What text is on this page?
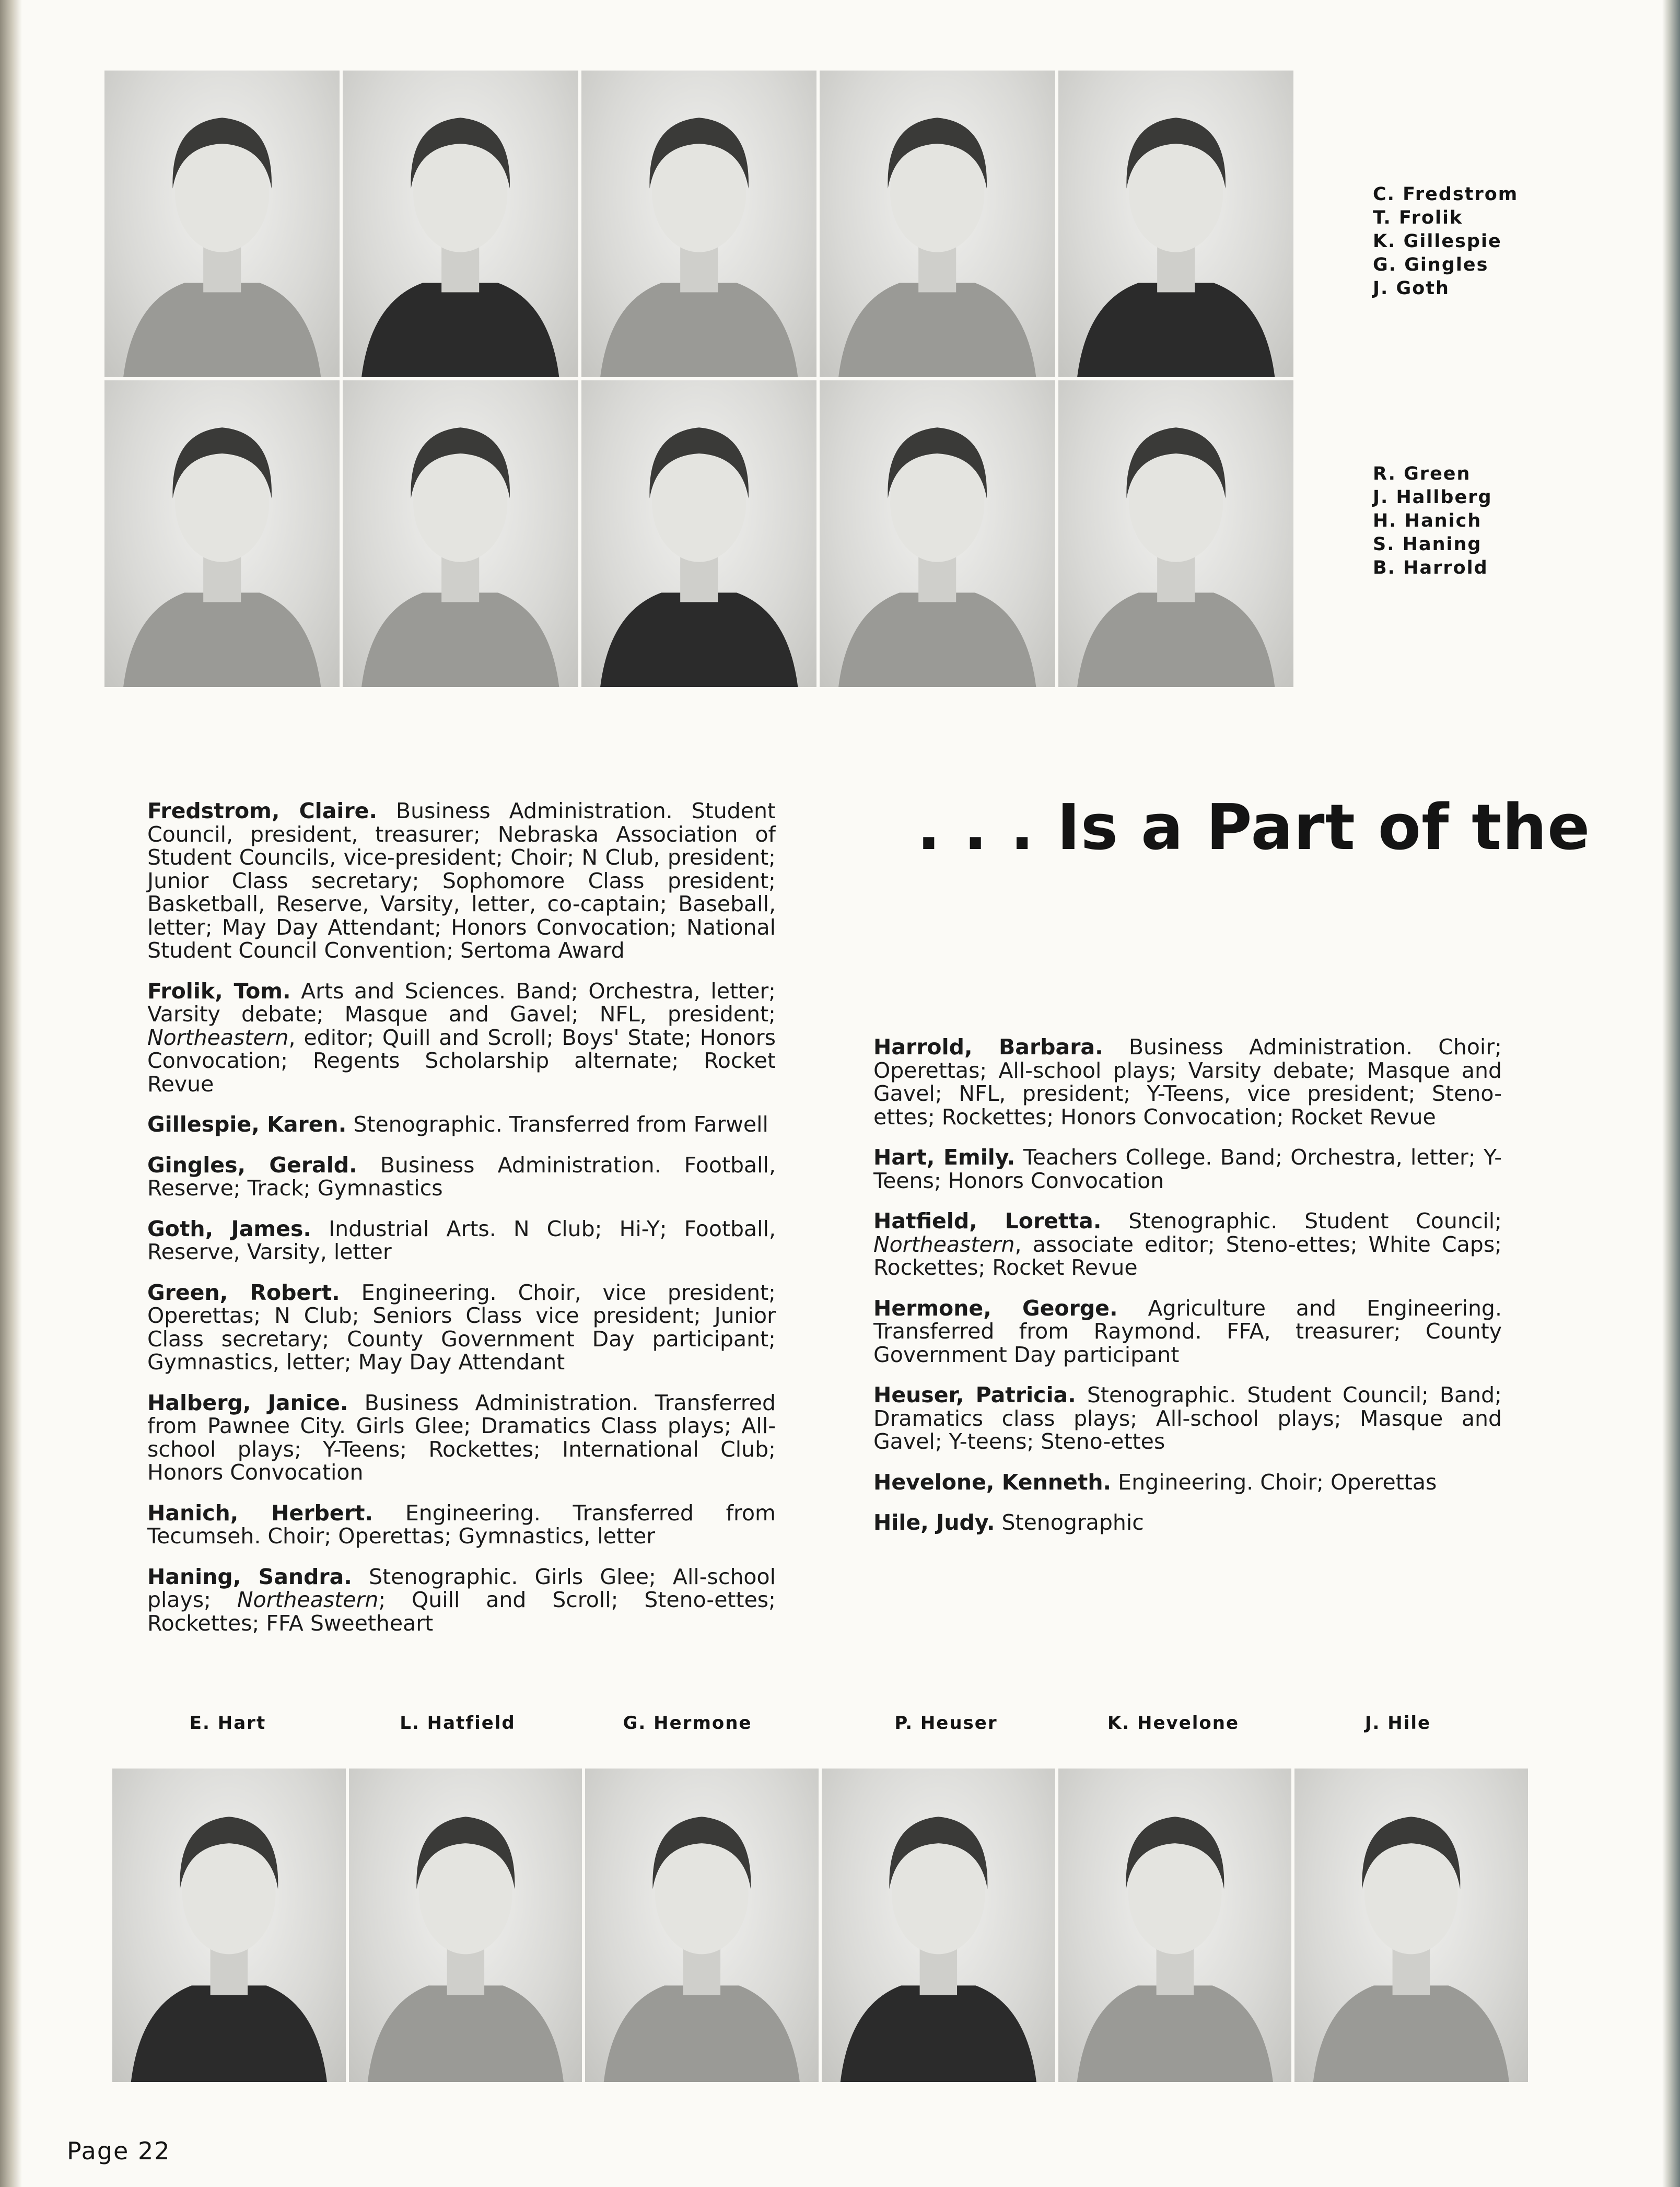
C. Fredstrom
T. Frolik
K. Gillespie
G. Gingles
J. Goth
R. Green
J. Hallberg
H. Hanich
S. Haning
B. Harrold

Fredstrom, Claire. Business Administration. Student Council, president, treasurer; Nebraska Association of Student Councils, vice-president; Choir; N Club, president; Junior Class secretary; Sophomore Class president; Basketball, Reserve, Varsity, letter, co-captain; Baseball, letter; May Day Attendant; Honors Convocation; National Student Council Convention; Sertoma Award

Frolik, Tom. Arts and Sciences. Band; Orchestra, letter; Varsity debate; Masque and Gavel; NFL, president; Northeastern, editor; Quill and Scroll; Boys' State; Honors Convocation; Regents Scholarship alternate; Rocket Revue

Gillespie, Karen. Stenographic. Transferred from Farwell

Gingles, Gerald. Business Administration. Football, Reserve; Track; Gymnastics

Goth, James. Industrial Arts. N Club; Hi-Y; Football, Reserve, Varsity, letter

Green, Robert. Engineering. Choir, vice president; Operettas; N Club; Seniors Class vice president; Junior Class secretary; County Government Day participant; Gymnastics, letter; May Day Attendant

Halberg, Janice. Business Administration. Transferred from Pawnee City. Girls Glee; Dramatics Class plays; All-school plays; Y-Teens; Rockettes; International Club; Honors Convocation

Hanich, Herbert. Engineering. Transferred from Tecumseh. Choir; Operettas; Gymnastics, letter

Haning, Sandra. Stenographic. Girls Glee; All-school plays; Northeastern; Quill and Scroll; Steno-ettes; Rockettes; FFA Sweetheart

. . . Is a Part of the

Harrold, Barbara. Business Administration. Choir; Operettas; All-school plays; Varsity debate; Masque and Gavel; NFL, president; Y-Teens, vice president; Steno-ettes; Rockettes; Honors Convocation; Rocket Revue

Hart, Emily. Teachers College. Band; Orchestra, letter; Y-Teens; Honors Convocation

Hatfield, Loretta. Stenographic. Student Council; Northeastern, associate editor; Steno-ettes; White Caps; Rockettes; Rocket Revue

Hermone, George. Agriculture and Engineering. Transferred from Raymond. FFA, treasurer; County Government Day participant

Heuser, Patricia. Stenographic. Student Council; Band; Dramatics class plays; All-school plays; Masque and Gavel; Y-teens; Steno-ettes

Hevelone, Kenneth. Engineering. Choir; Operettas

Hile, Judy. Stenographic

E. Hart	L. Hatfield	G. Hermone	P. Heuser	K. Hevelone	J. Hile
Page 22
